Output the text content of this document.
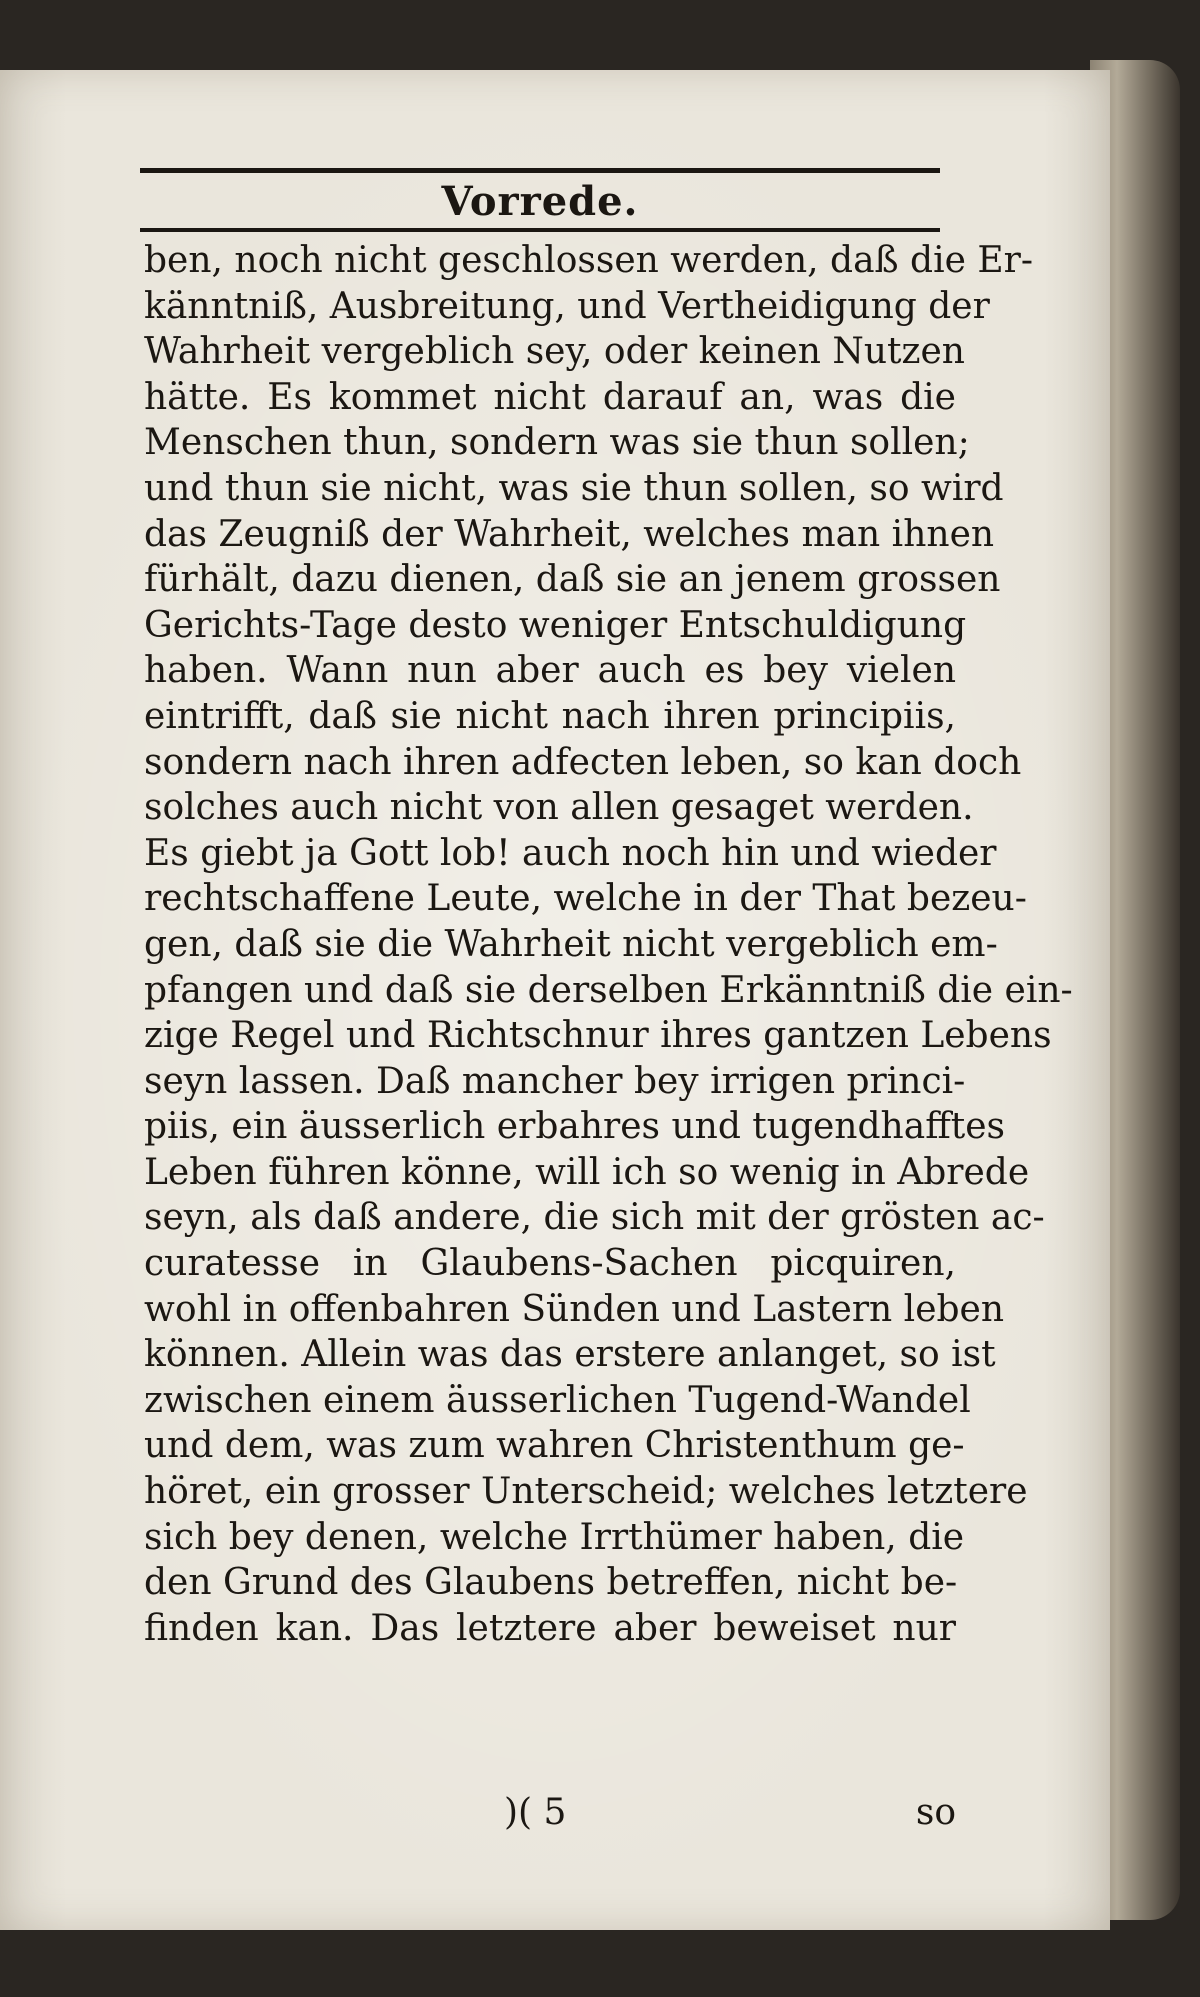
Vorrede.
ben, noch nicht geschlossen werden, daß die Er-
känntniß, Ausbreitung, und Vertheidigung der
Wahrheit vergeblich sey, oder keinen Nutzen
hätte. Es kommet nicht darauf an, was die
Menschen thun, sondern was sie thun sollen;
und thun sie nicht, was sie thun sollen, so wird
das Zeugniß der Wahrheit, welches man ihnen
fürhält, dazu dienen, daß sie an jenem grossen
Gerichts-Tage desto weniger Entschuldigung
haben. Wann nun aber auch es bey vielen
eintrifft, daß sie nicht nach ihren principiis,
sondern nach ihren adfecten leben, so kan doch
solches auch nicht von allen gesaget werden.
Es giebt ja Gott lob! auch noch hin und wieder
rechtschaffene Leute, welche in der That bezeu-
gen, daß sie die Wahrheit nicht vergeblich em-
pfangen und daß sie derselben Erkänntniß die ein-
zige Regel und Richtschnur ihres gantzen Lebens
seyn lassen. Daß mancher bey irrigen princi-
piis, ein äusserlich erbahres und tugendhafftes
Leben führen könne, will ich so wenig in Abrede
seyn, als daß andere, die sich mit der grösten ac-
curatesse in Glaubens-Sachen picquiren,
wohl in offenbahren Sünden und Lastern leben
können. Allein was das erstere anlanget, so ist
zwischen einem äusserlichen Tugend-Wandel
und dem, was zum wahren Christenthum ge-
höret, ein grosser Unterscheid; welches letztere
sich bey denen, welche Irrthümer haben, die
den Grund des Glaubens betreffen, nicht be-
finden kan. Das letztere aber beweiset nur
)( 5	so
